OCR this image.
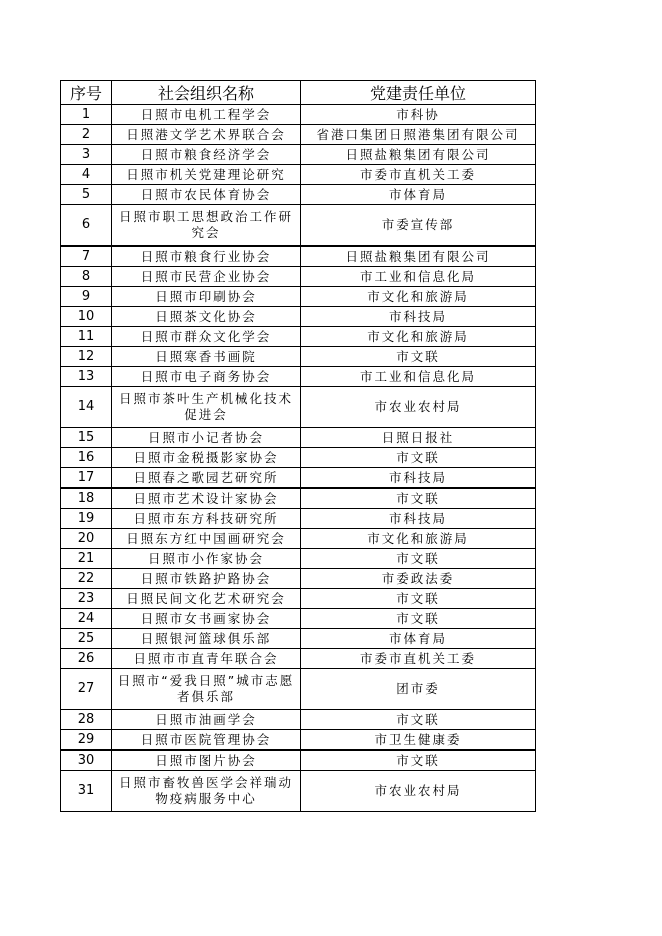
序号	社会组织名称	党建责任单位
1	日照市电机工程学会	市科协
2	日照港文学艺术界联合会	省港口集团日照港集团有限公司
3	日照市粮食经济学会	日照盐粮集团有限公司
4	日照市机关党建理论研究	市委市直机关工委
5	日照市农民体育协会	市体育局
6	日照市职工思想政治工作研究会	市委宣传部
7	日照市粮食行业协会	日照盐粮集团有限公司
8	日照市民营企业协会	市工业和信息化局
9	日照市印刷协会	市文化和旅游局
10	日照茶文化协会	市科技局
11	日照市群众文化学会	市文化和旅游局
12	日照寒香书画院	市文联
13	日照市电子商务协会	市工业和信息化局
14	日照市茶叶生产机械化技术促进会	市农业农村局
15	日照市小记者协会	日照日报社
16	日照市金税摄影家协会	市文联
17	日照春之歌园艺研究所	市科技局
18	日照市艺术设计家协会	市文联
19	日照市东方科技研究所	市科技局
20	日照东方红中国画研究会	市文化和旅游局
21	日照市小作家协会	市文联
22	日照市铁路护路协会	市委政法委
23	日照民间文化艺术研究会	市文联
24	日照市女书画家协会	市文联
25	日照银河篮球俱乐部	市体育局
26	日照市市直青年联合会	市委市直机关工委
27	日照市“爱我日照”城市志愿者俱乐部	团市委
28	日照市油画学会	市文联
29	日照市医院管理协会	市卫生健康委
30	日照市图片协会	市文联
31	日照市畜牧兽医学会祥瑞动物疫病服务中心	市农业农村局
